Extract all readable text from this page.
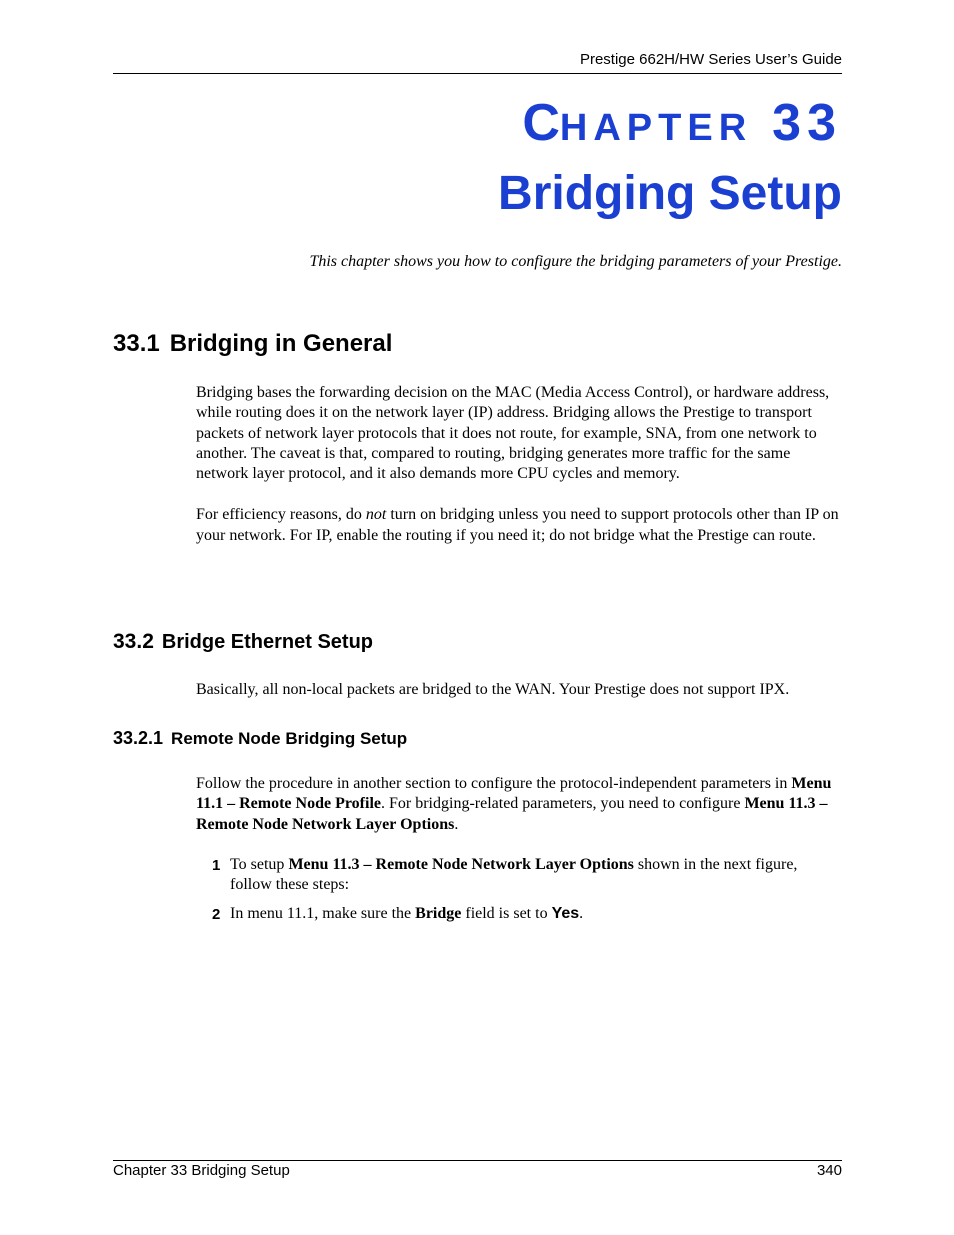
Prestige 662H/HW Series User’s Guide
CHAPTER 33
Bridging Setup
This chapter shows you how to configure the bridging parameters of your Prestige.
33.1 Bridging in General

Bridging bases the forwarding decision on the MAC (Media Access Control), or hardware address, while routing does it on the network layer (IP) address. Bridging allows the Prestige to transport packets of network layer protocols that it does not route, for example, SNA, from one network to another. The caveat is that, compared to routing, bridging generates more traffic for the same network layer protocol, and it also demands more CPU cycles and memory.

For efficiency reasons, do not turn on bridging unless you need to support protocols other than IP on your network. For IP, enable the routing if you need it; do not bridge what the Prestige can route.

33.2 Bridge Ethernet Setup

Basically, all non-local packets are bridged to the WAN. Your Prestige does not support IPX.

33.2.1 Remote Node Bridging Setup

Follow the procedure in another section to configure the protocol-independent parameters in Menu 11.1 – Remote Node Profile. For bridging-related parameters, you need to configure Menu 11.3 – Remote Node Network Layer Options.

1 To setup Menu 11.3 – Remote Node Network Layer Options shown in the next figure, follow these steps:
2 In menu 11.1, make sure the Bridge field is set to Yes.
Chapter 33 Bridging Setup	340
